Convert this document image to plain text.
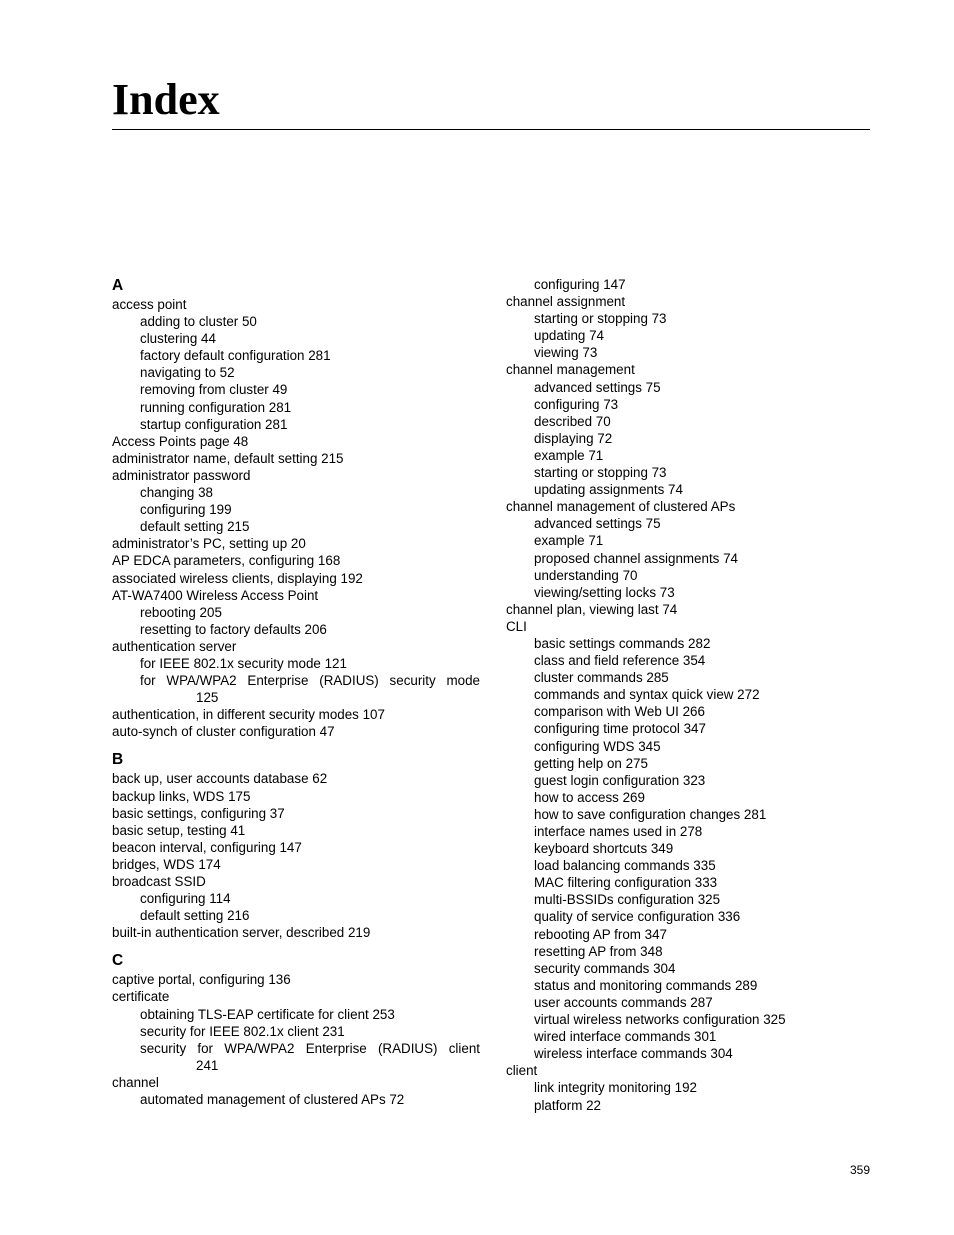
Index
A
access point
adding to cluster 50
clustering 44
factory default configuration 281
navigating to 52
removing from cluster 49
running configuration 281
startup configuration 281
Access Points page 48
administrator name, default setting 215
administrator password
changing 38
configuring 199
default setting 215
administrator’s PC, setting up 20
AP EDCA parameters, configuring 168
associated wireless clients, displaying 192
AT-WA7400 Wireless Access Point
rebooting 205
resetting to factory defaults 206
authentication server
for IEEE 802.1x security mode 121
for WPA/WPA2 Enterprise (RADIUS) security mode
125
authentication, in different security modes 107
auto-synch of cluster configuration 47
B
back up, user accounts database 62
backup links, WDS 175
basic settings, configuring 37
basic setup, testing 41
beacon interval, configuring 147
bridges, WDS 174
broadcast SSID
configuring 114
default setting 216
built-in authentication server, described 219
C
captive portal, configuring 136
certificate
obtaining TLS-EAP certificate for client 253
security for IEEE 802.1x client 231
security for WPA/WPA2 Enterprise (RADIUS) client
241
channel
automated management of clustered APs 72
configuring 147
channel assignment
starting or stopping 73
updating 74
viewing 73
channel management
advanced settings 75
configuring 73
described 70
displaying 72
example 71
starting or stopping 73
updating assignments 74
channel management of clustered APs
advanced settings 75
example 71
proposed channel assignments 74
understanding 70
viewing/setting locks 73
channel plan, viewing last 74
CLI
basic settings commands 282
class and field reference 354
cluster commands 285
commands and syntax quick view 272
comparison with Web UI 266
configuring time protocol 347
configuring WDS 345
getting help on 275
guest login configuration 323
how to access 269
how to save configuration changes 281
interface names used in 278
keyboard shortcuts 349
load balancing commands 335
MAC filtering configuration 333
multi-BSSIDs configuration 325
quality of service configuration 336
rebooting AP from 347
resetting AP from 348
security commands 304
status and monitoring commands 289
user accounts commands 287
virtual wireless networks configuration 325
wired interface commands 301
wireless interface commands 304
client
link integrity monitoring 192
platform 22
359
